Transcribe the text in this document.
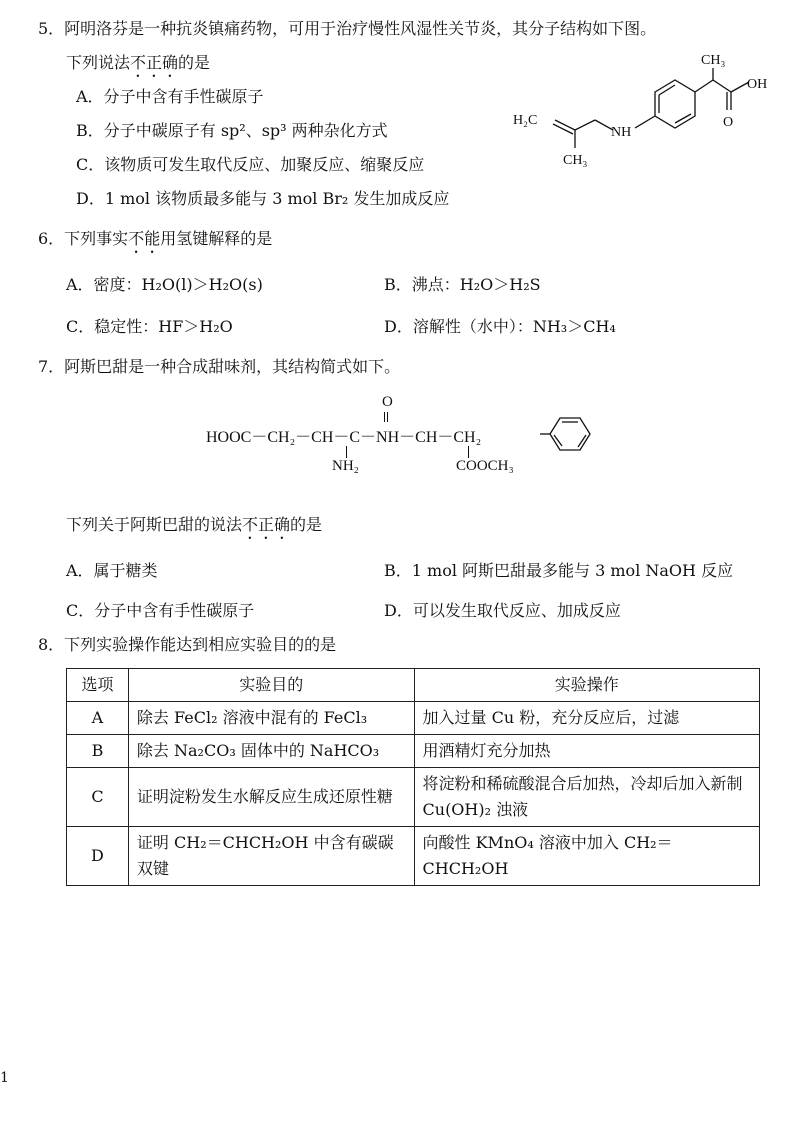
5．阿明洛芬是一种抗炎镇痛药物，可用于治疗慢性风湿性关节炎，其分子结构如下图。
下列说法不正确的是
A．分子中含有手性碳原子
B．分子中碳原子有 sp²、sp³ 两种杂化方式
C．该物质可发生取代反应、加聚反应、缩聚反应
D．1 mol 该物质最多能与 3 mol Br₂ 发生加成反应
CH₃
OH
O
H₂C
NH
CH₃
6．下列事实不能用氢键解释的是
A．密度：H₂O(l)＞H₂O(s)	B．沸点：H₂O＞H₂S
C．稳定性：HF＞H₂O	D．溶解性（水中）：NH₃＞CH₄
7．阿斯巴甜是一种合成甜味剂，其结构简式如下。
O
HOOC－CH₂－CH－C－NH－CH－CH₂
NH₂	COOCH₃
下列关于阿斯巴甜的说法不正确的是
A．属于糖类	B．1 mol 阿斯巴甜最多能与 3 mol NaOH 反应
C．分子中含有手性碳原子	D．可以发生取代反应、加成反应
8．下列实验操作能达到相应实验目的的是
选项	实验目的	实验操作
A	除去 FeCl₂ 溶液中混有的 FeCl₃	加入过量 Cu 粉，充分反应后，过滤
B	除去 Na₂CO₃ 固体中的 NaHCO₃	用酒精灯充分加热
C	证明淀粉发生水解反应生成还原性糖	将淀粉和稀硫酸混合后加热，冷却后加入新制 Cu(OH)₂ 浊液
D	证明 CH₂＝CHCH₂OH 中含有碳碳双键	向酸性 KMnO₄ 溶液中加入 CH₂＝CHCH₂OH
1
